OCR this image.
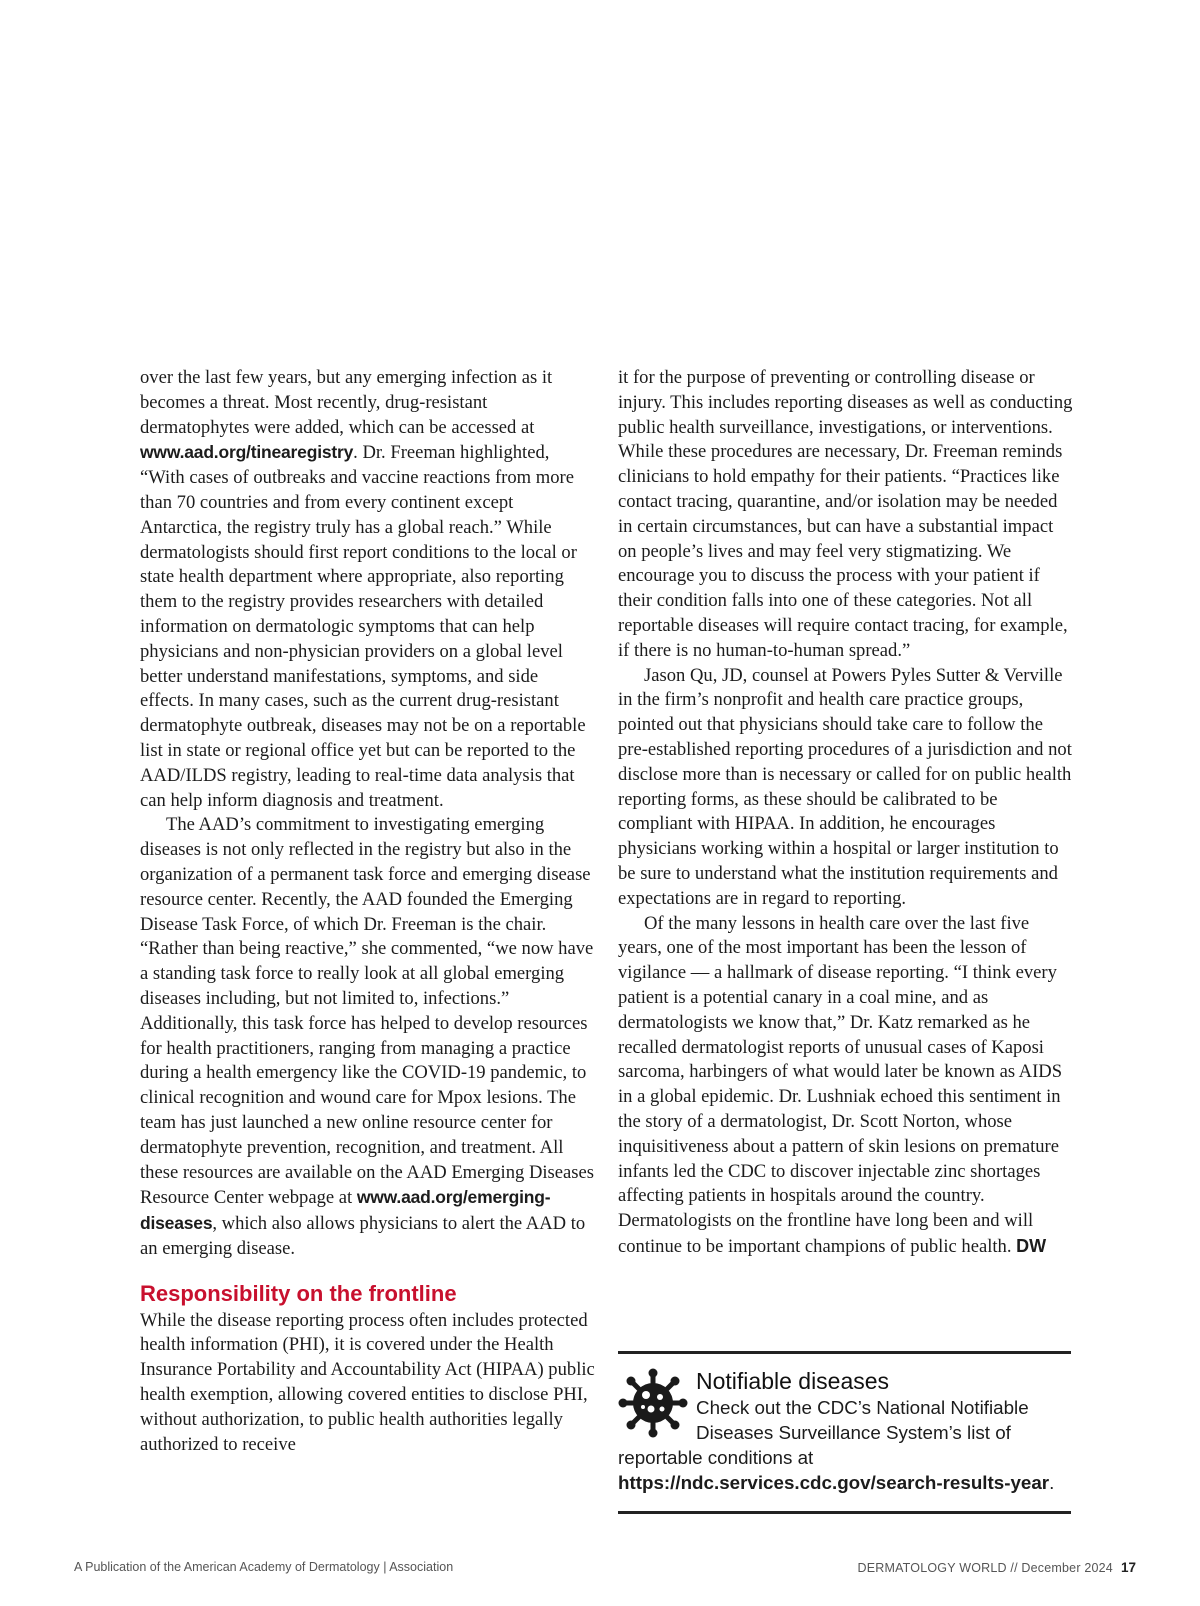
over the last few years, but any emerging infection as it becomes a threat. Most recently, drug-resistant dermatophytes were added, which can be accessed at www.aad.org/tinearegistry. Dr. Freeman highlighted, “With cases of outbreaks and vaccine reactions from more than 70 countries and from every continent except Antarctica, the registry truly has a global reach.” While dermatologists should first report conditions to the local or state health department where appropriate, also reporting them to the registry provides researchers with detailed information on dermatologic symptoms that can help physicians and non-physician providers on a global level better understand manifestations, symptoms, and side effects. In many cases, such as the current drug-resistant dermatophyte outbreak, diseases may not be on a reportable list in state or regional office yet but can be reported to the AAD/ILDS registry, leading to real-time data analysis that can help inform diagnosis and treatment.

The AAD’s commitment to investigating emerging diseases is not only reflected in the registry but also in the organization of a permanent task force and emerging disease resource center. Recently, the AAD founded the Emerging Disease Task Force, of which Dr. Freeman is the chair. “Rather than being reactive,” she commented, “we now have a standing task force to really look at all global emerging diseases including, but not limited to, infections.” Additionally, this task force has helped to develop resources for health practitioners, ranging from managing a practice during a health emergency like the COVID-19 pandemic, to clinical recognition and wound care for Mpox lesions. The team has just launched a new online resource center for dermatophyte prevention, recognition, and treatment. All these resources are available on the AAD Emerging Diseases Resource Center webpage at www.aad.org/emerging-diseases, which also allows physicians to alert the AAD to an emerging disease.

Responsibility on the frontline

While the disease reporting process often includes protected health information (PHI), it is covered under the Health Insurance Portability and Accountability Act (HIPAA) public health exemption, allowing covered entities to disclose PHI, without authorization, to public health authorities legally authorized to receive

it for the purpose of preventing or controlling disease or injury. This includes reporting diseases as well as conducting public health surveillance, investigations, or interventions. While these procedures are necessary, Dr. Freeman reminds clinicians to hold empathy for their patients. “Practices like contact tracing, quarantine, and/or isolation may be needed in certain circumstances, but can have a substantial impact on people’s lives and may feel very stigmatizing. We encourage you to discuss the process with your patient if their condition falls into one of these categories. Not all reportable diseases will require contact tracing, for example, if there is no human-to-human spread.”

Jason Qu, JD, counsel at Powers Pyles Sutter & Verville in the firm’s nonprofit and health care practice groups, pointed out that physicians should take care to follow the pre-established reporting procedures of a jurisdiction and not disclose more than is necessary or called for on public health reporting forms, as these should be calibrated to be compliant with HIPAA. In addition, he encourages physicians working within a hospital or larger institution to be sure to understand what the institution requirements and expectations are in regard to reporting.

Of the many lessons in health care over the last five years, one of the most important has been the lesson of vigilance — a hallmark of disease reporting. “I think every patient is a potential canary in a coal mine, and as dermatologists we know that,” Dr. Katz remarked as he recalled dermatologist reports of unusual cases of Kaposi sarcoma, harbingers of what would later be known as AIDS in a global epidemic. Dr. Lushniak echoed this sentiment in the story of a dermatologist, Dr. Scott Norton, whose inquisitiveness about a pattern of skin lesions on premature infants led the CDC to discover injectable zinc shortages affecting patients in hospitals around the country. Dermatologists on the frontline have long been and will continue to be important champions of public health. DW

Notifiable diseases
Check out the CDC’s National Notifiable Diseases Surveillance System’s list of reportable conditions at https://ndc.services.cdc.gov/search-results-year.
A Publication of the American Academy of Dermatology | Association	DERMATOLOGY WORLD // December 2024 17
